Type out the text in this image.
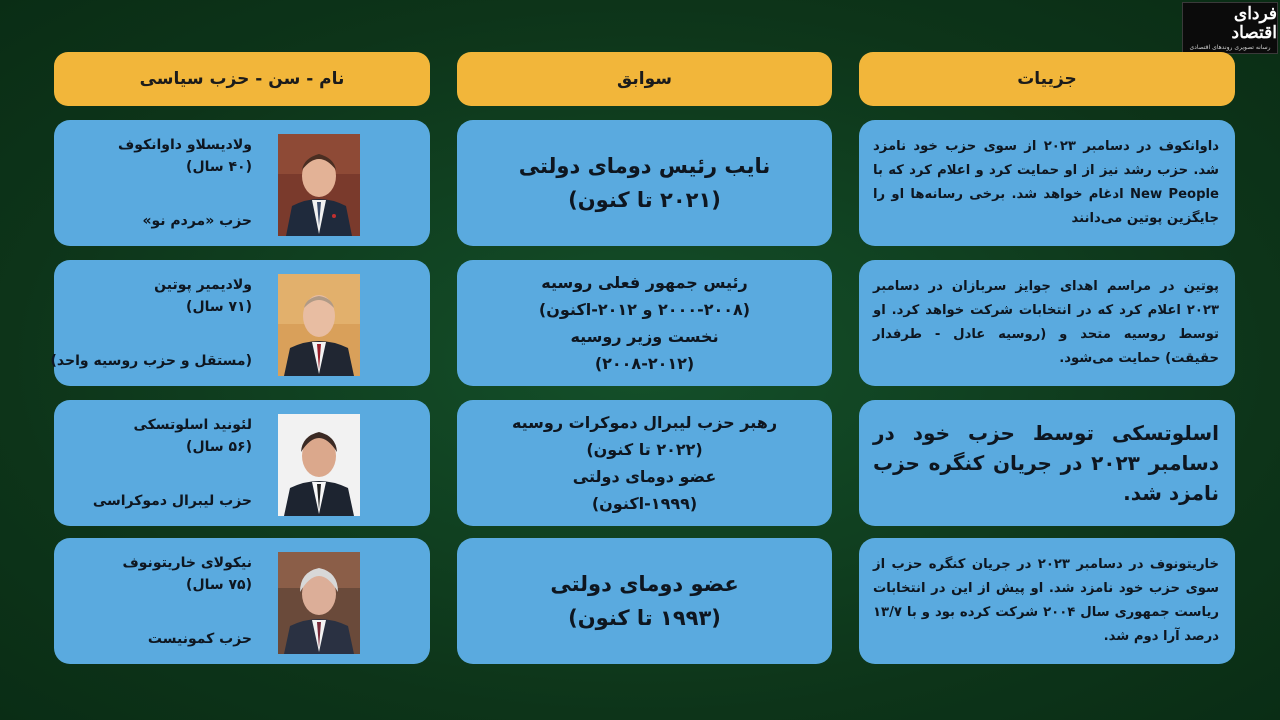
فردای اقتصاد
رسانه تصویری روندهای اقتصادی
جزییات
سوابق
نام - سن - حزب سیاسی
ولادیسلاو داوانکوف
(۴۰ سال)
حزب «مردم نو»
نایب رئیس دومای دولتی
(۲۰۲۱ تا کنون)

داوانکوف در دسامبر ۲۰۲۳ از سوی حزب خود نامزد شد. حزب رشد نیز از او حمایت کرد و اعلام کرد که با New People ادغام خواهد شد. برخی رسانه‌ها او را جایگزین پوتین می‌دانند

ولادیمیر پوتین
(۷۱ سال)
(مستقل و حزب روسیه واحد)
رئیس جمهور فعلی روسیه
(۲۰۰۰-۲۰۰۸ و ۲۰۱۲-اکنون)
نخست وزیر روسیه
(۲۰۰۸-۲۰۱۲)

پوتین در مراسم اهدای جوایز سربازان در دسامبر ۲۰۲۳ اعلام کرد که در انتخابات شرکت خواهد کرد. او توسط روسیه متحد و (روسیه عادل - طرفدار حقیقت) حمایت می‌شود.

لئونید اسلوتسکی
(۵۶ سال)
حزب لیبرال دموکراسی
رهبر حزب لیبرال دموکرات روسیه
(۲۰۲۲ تا کنون)
عضو دومای دولتی
(۱۹۹۹-اکنون)

اسلوتسکی توسط حزب خود در دسامبر ۲۰۲۳ در جریان کنگره حزب نامزد شد.

نیکولای خاریتونوف
(۷۵ سال)
حزب کمونیست
عضو دومای دولتی
(۱۹۹۳ تا کنون)

خاریتونوف در دسامبر ۲۰۲۳ در جریان کنگره حزب از سوی حزب خود نامزد شد. او پیش از این در انتخابات ریاست جمهوری سال ۲۰۰۴ شرکت کرده بود و با ۱۳/۷ درصد آرا دوم شد.
